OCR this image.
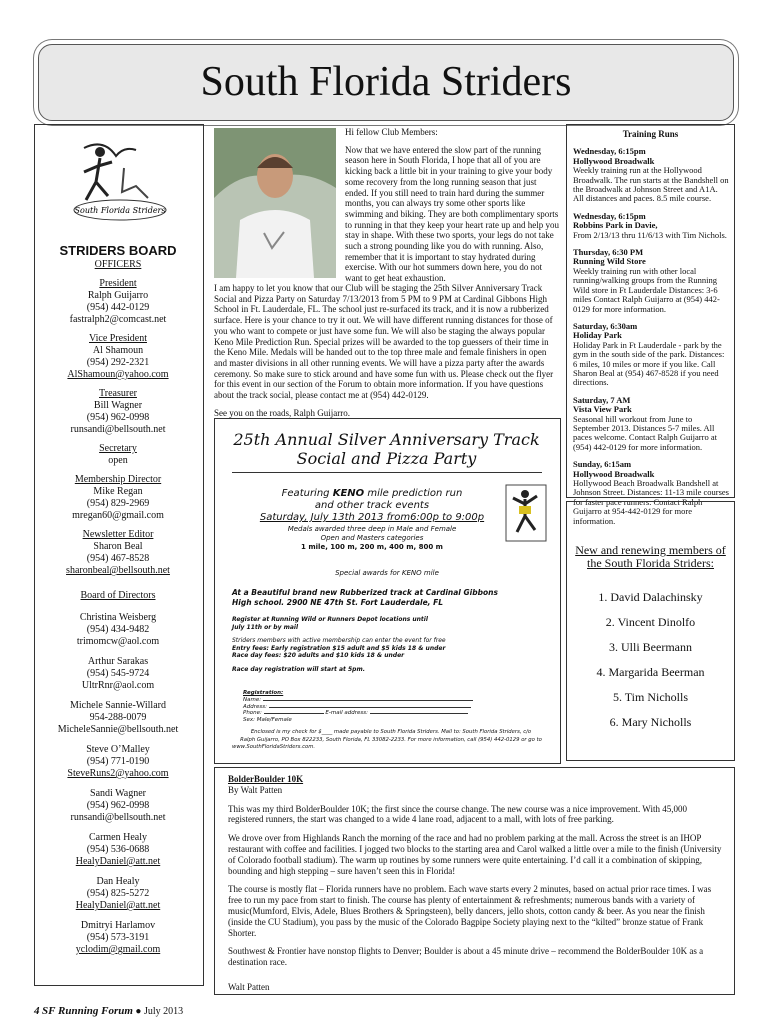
South Florida Striders
South Florida Striders
STRIDERS BOARD
OFFICERS
President
Ralph Guijarro
(954) 442-0129
fastralph2@comcast.net
Vice President
Al Shamoun
(954) 292-2321
AlShamoun@yahoo.com
Treasurer
Bill Wagner
(954) 962-0998
runsandi@bellsouth.net
Secretary
open
Membership Director
Mike Regan
(954) 829-2969
mregan60@gmail.com
Newsletter Editor
Sharon Beal
(954) 467-8528
sharonbeal@bellsouth.net
Board of Directors
Christina Weisberg
(954) 434-9482
trimomcw@aol.com
Arthur Sarakas
(954) 545-9724
UltrRnr@aol.com
Michele Sannie-Willard
954-288-0079
MicheleSannie@bellsouth.net
Steve O’Malley
(954) 771-0190
SteveRuns2@yahoo.com
Sandi Wagner
(954) 962-0998
runsandi@bellsouth.net
Carmen Healy
(954) 536-0688
HealyDaniel@att.net
Dan Healy
(954) 825-5272
HealyDaniel@att.net
Dmitryi Harlamov
(954) 573-3191
yclodim@gmail.com

Hi fellow Club Members:

Now that we have entered the slow part of the running season here in South Florida, I hope that all of you are kicking back a little bit in your training to give your body some recovery from the long running season that just ended. If you still need to train hard during the summer months, you can always try some other sports like swimming and biking. They are both complimentary sports to running in that they keep your heart rate up and help you stay in shape. With these two sports, your legs do not take such a strong pounding like you do with running. Also, remember that it is important to stay hydrated during exercise. With our hot summers down here, you do not want to get heat exhaustion.

I am happy to let you know that our Club will be staging the 25th Silver Anniversary Track Social and Pizza Party on Saturday 7/13/2013 from 5 PM to 9 PM at Cardinal Gibbons High School in Ft. Lauderdale, FL. The school just re-surfaced its track, and it is now a rubberized surface. Here is your chance to try it out. We will have different running distances for those of you who want to compete or just have some fun. We will also be staging the always popular Keno Mile Prediction Run. Special prizes will be awarded to the top guessers of their time in the Keno Mile. Medals will be handed out to the top three male and female finishers in open and master divisions in all other running events. We will have a pizza party after the awards ceremony. So make sure to stick around and have some fun with us. Please check out the flyer for this event in our section of the Forum to obtain more information. If you have questions about the track social, please contact me at (954) 442-0129.

See you on the roads, Ralph Guijarro.

25th Annual Silver Anniversary Track
Social and Pizza Party
Featuring KENO mile prediction run
and other track events
Saturday, July 13th 2013 from6:00p to 9:00p
Medals awarded three deep in Male and Female
Open and Masters categories
1 mile, 100 m, 200 m, 400 m, 800 m
Special awards for KENO mile
At a Beautiful brand new Rubberized track at Cardinal Gibbons
High school. 2900 NE 47th St. Fort Lauderdale, FL
Register at Running Wild or Runners Depot locations until
July 11th or by mail
Striders members with active membership can enter the event for free
Entry fees: Early registration $15 adult and $5 kids 18 & under
Race day fees: $20 adults and $10 kids 18 & under
Race day registration will start at 5pm.
Registration:
Name:
Address:
Phone:	E-mail address:
Sex: Male/Female
Enclosed is my check for $____ made payable to South Florida Striders. Mail to: South Florida Striders, c/o
Ralph Guijarro, PO Box 822233, South Florida, FL 33082-2233. For more information, call (954) 442-0129 or go to
www.SouthFloridaStriders.com.
Training Runs
Wednesday, 6:15pm
Hollywood Broadwalk
Weekly training run at the Hollywood Broadwalk. The run starts at the Bandshell on the Broadwalk at Johnson Street and A1A. All distances and paces. 8.5 mile course.
Wednesday, 6:15pm
Robbins Park in Davie,
From 2/13/13 thru 11/6/13 with Tim Nichols.
Thursday, 6:30 PM
Running Wild Store
Weekly training run with other local running/walking groups from the Running Wild store in Ft Lauderdale Distances: 3-6 miles Contact Ralph Guijarro at (954) 442-0129 for more information.
Saturday, 6:30am
Holiday Park
Holiday Park in Ft Lauderdale - park by the gym in the south side of the park. Distances: 6 miles, 10 miles or more if you like. Call Sharon Beal at (954) 467-8528 if you need directions.
Saturday, 7 AM
Vista View Park
Seasonal hill workout from June to September 2013. Distances 5-7 miles. All paces welcome. Contact Ralph Guijarro at (954) 442-0129 for more information.
Sunday, 6:15am
Hollywood Broadwalk
Hollywood Beach Broadwalk Bandshell at Johnson Street. Distances: 11-13 mile courses for faster pace runners. Contact Ralph Guijarro at 954-442-0129 for more information.
New and renewing members of the South Florida Striders:
1. David Dalachinsky
2. Vincent Dinolfo
3. Ulli Beermann
4. Margarida Beerman
5. Tim Nicholls
6. Mary Nicholls
BolderBoulder 10K
By Walt Patten

This was my third BolderBoulder 10K; the first since the course change. The new course was a nice improvement. With 45,000 registered runners, the start was changed to a wide 4 lane road, adjacent to a mall, with lots of free parking.

We drove over from Highlands Ranch the morning of the race and had no problem parking at the mall. Across the street is an IHOP restaurant with coffee and facilities. I jogged two blocks to the starting area and Carol walked a little over a mile to the finish (University of Colorado football stadium). The warm up routines by some runners were quite entertaining. I’d call it a combination of skipping, bounding and high stepping – sure haven’t seen this in Florida!

The course is mostly flat – Florida runners have no problem. Each wave starts every 2 minutes, based on actual prior race times. I was free to run my pace from start to finish. The course has plenty of entertainment & refreshments; numerous bands with a variety of music(Mumford, Elvis, Adele, Blues Brothers & Springsteen), belly dancers, jello shots, cotton candy & beer. As you near the finish (inside the CU Stadium), you pass by the music of the Colorado Bagpipe Society playing next to the “kilted” bronze statue of Frank Shorter.

Southwest & Frontier have nonstop flights to Denver; Boulder is about a 45 minute drive – recommend the BolderBoulder 10K as a destination race.

Walt Patten

4 SF Running Forum ● July 2013
